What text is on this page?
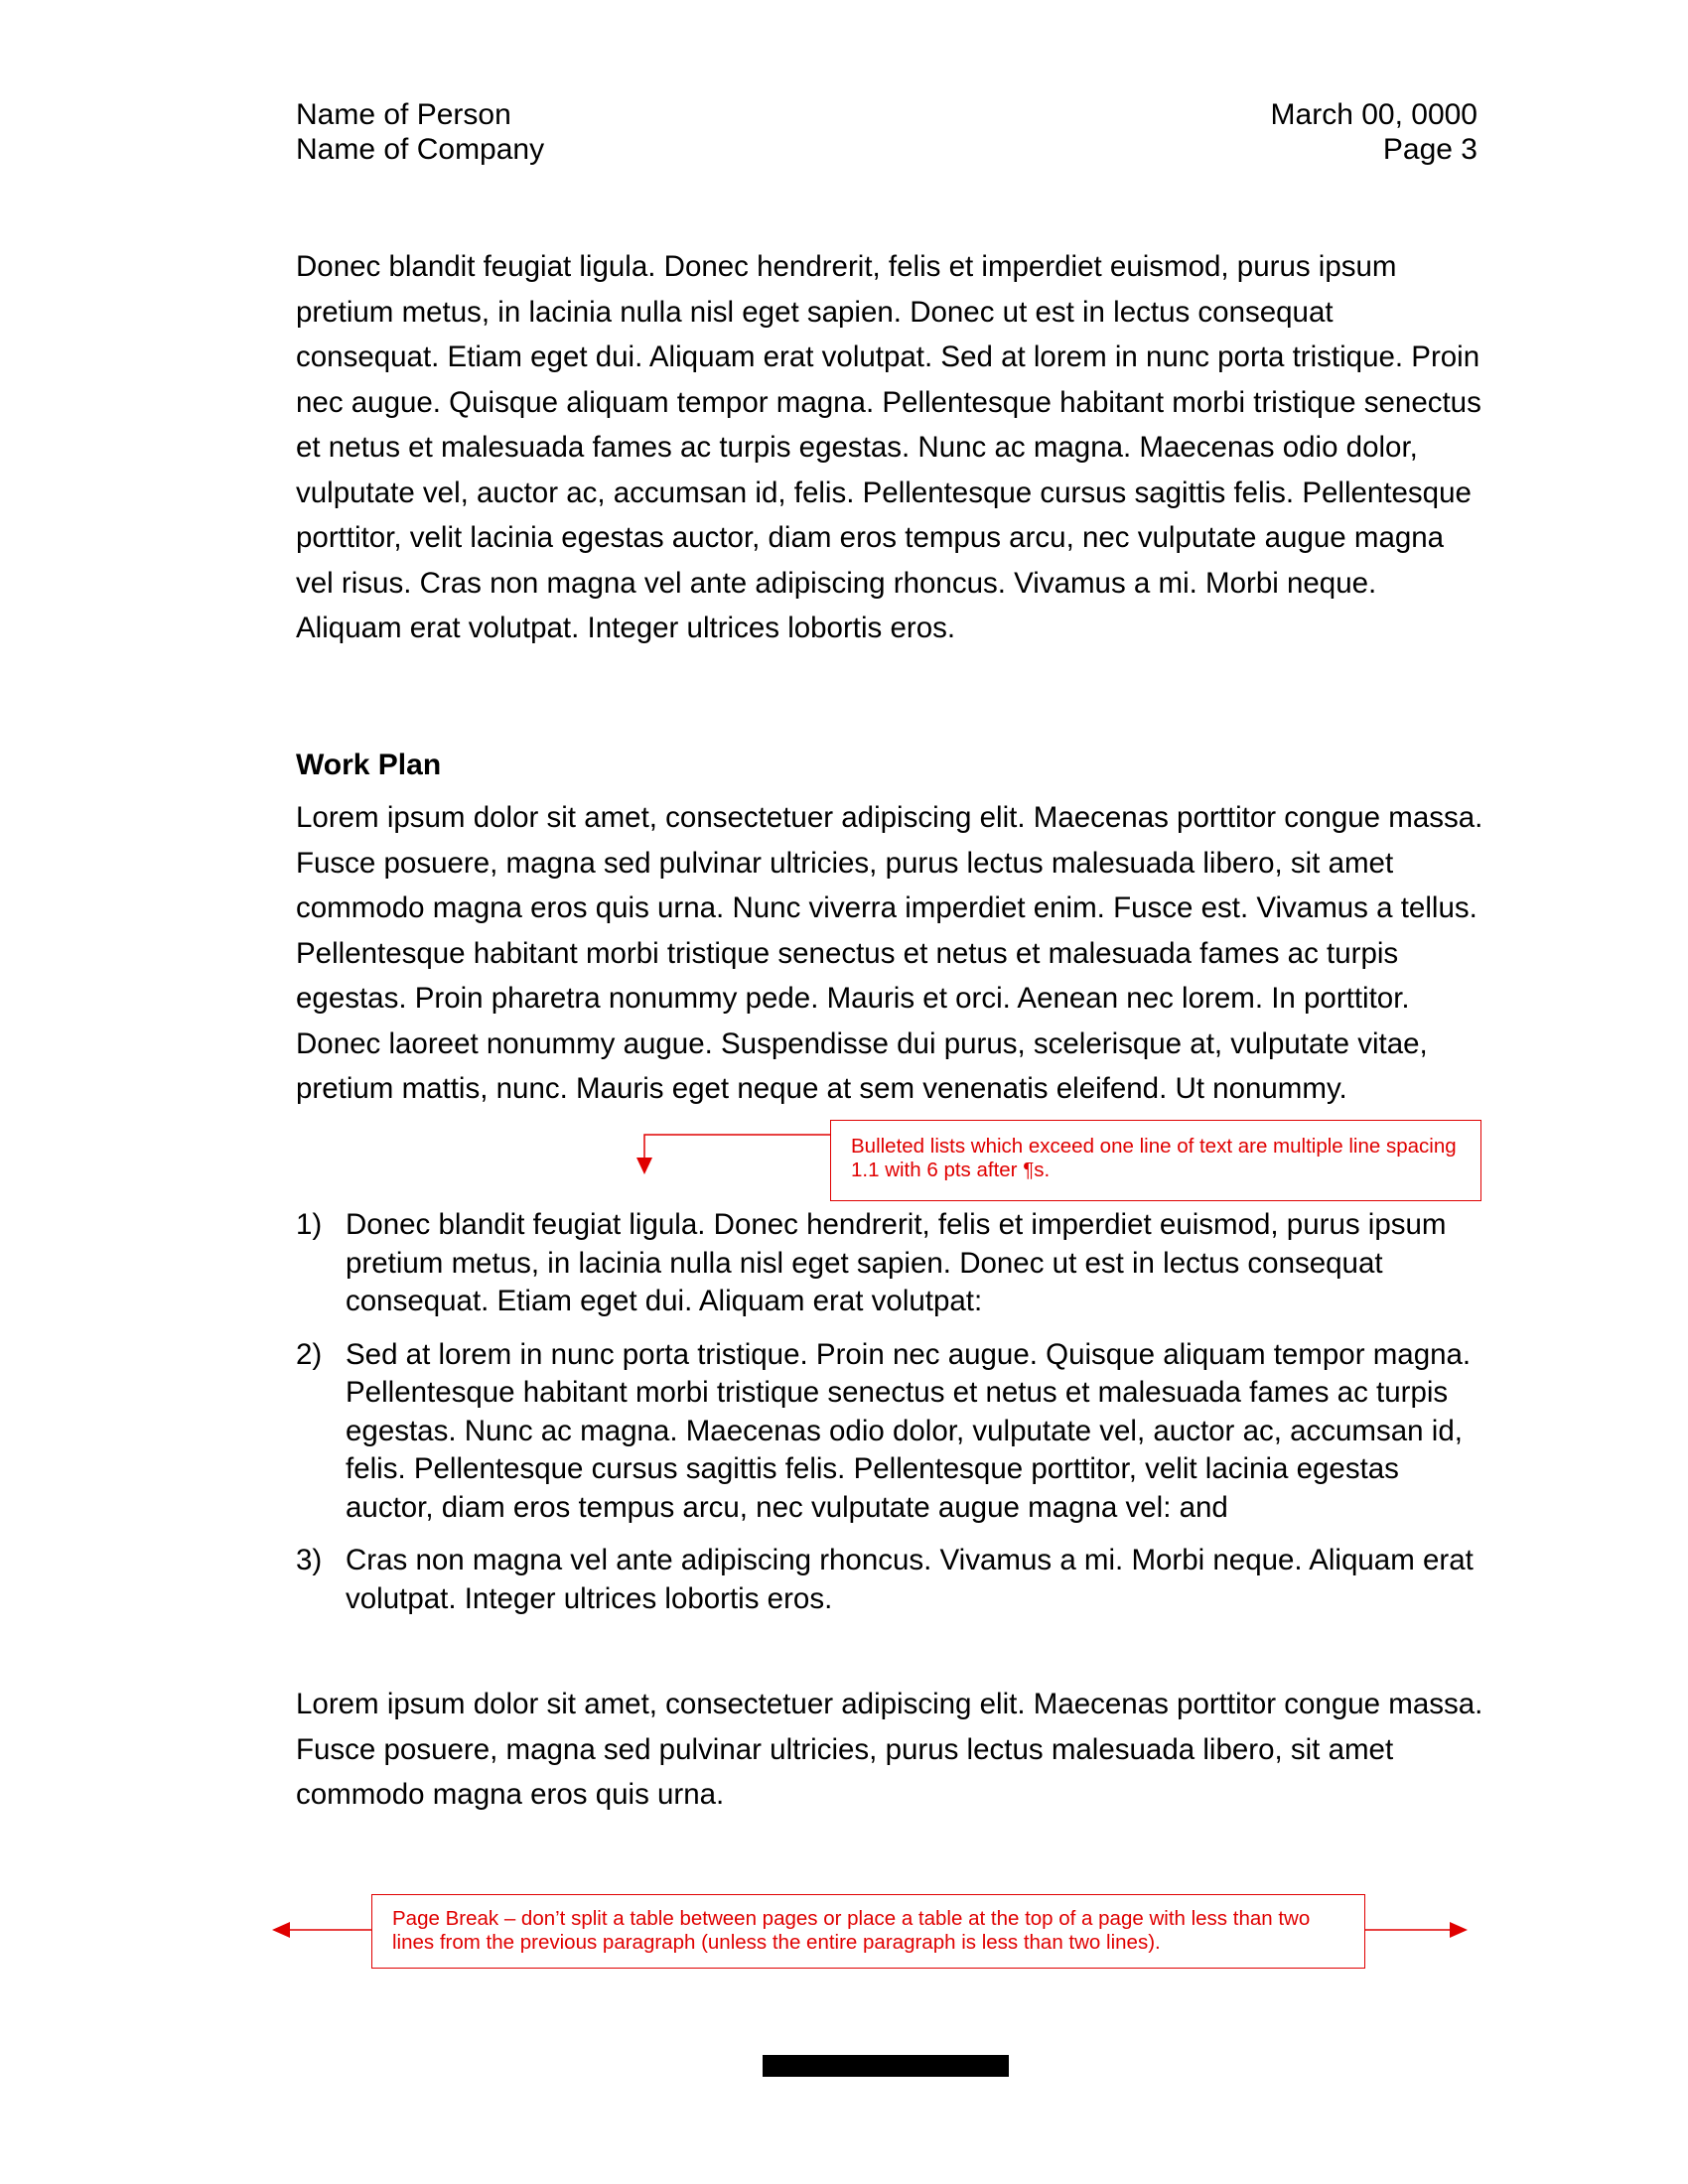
Name of Person
Name of Company
March 00, 0000
Page 3
Donec blandit feugiat ligula. Donec hendrerit, felis et imperdiet euismod, purus ipsum pretium metus, in lacinia nulla nisl eget sapien. Donec ut est in lectus consequat consequat. Etiam eget dui. Aliquam erat volutpat. Sed at lorem in nunc porta tristique. Proin nec augue. Quisque aliquam tempor magna. Pellentesque habitant morbi tristique senectus et netus et malesuada fames ac turpis egestas. Nunc ac magna. Maecenas odio dolor, vulputate vel, auctor ac, accumsan id, felis. Pellentesque cursus sagittis felis. Pellentesque porttitor, velit lacinia egestas auctor, diam eros tempus arcu, nec vulputate augue magna vel risus. Cras non magna vel ante adipiscing rhoncus. Vivamus a mi. Morbi neque. Aliquam erat volutpat. Integer ultrices lobortis eros.
Work Plan
Lorem ipsum dolor sit amet, consectetuer adipiscing elit. Maecenas porttitor congue massa. Fusce posuere, magna sed pulvinar ultricies, purus lectus malesuada libero, sit amet commodo magna eros quis urna. Nunc viverra imperdiet enim. Fusce est. Vivamus a tellus. Pellentesque habitant morbi tristique senectus et netus et malesuada fames ac turpis egestas. Proin pharetra nonummy pede. Mauris et orci. Aenean nec lorem. In porttitor. Donec laoreet nonummy augue. Suspendisse dui purus, scelerisque at, vulputate vitae, pretium mattis, nunc. Mauris eget neque at sem venenatis eleifend. Ut nonummy.
1) Donec blandit feugiat ligula. Donec hendrerit, felis et imperdiet euismod, purus ipsum pretium metus, in lacinia nulla nisl eget sapien. Donec ut est in lectus consequat consequat. Etiam eget dui. Aliquam erat volutpat:
2) Sed at lorem in nunc porta tristique. Proin nec augue. Quisque aliquam tempor magna. Pellentesque habitant morbi tristique senectus et netus et malesuada fames ac turpis egestas. Nunc ac magna. Maecenas odio dolor, vulputate vel, auctor ac, accumsan id, felis. Pellentesque cursus sagittis felis. Pellentesque porttitor, velit lacinia egestas auctor, diam eros tempus arcu, nec vulputate augue magna vel: and
3) Cras non magna vel ante adipiscing rhoncus. Vivamus a mi. Morbi neque. Aliquam erat volutpat. Integer ultrices lobortis eros.
Lorem ipsum dolor sit amet, consectetuer adipiscing elit. Maecenas porttitor congue massa. Fusce posuere, magna sed pulvinar ultricies, purus lectus malesuada libero, sit amet commodo magna eros quis urna.
Bulleted lists which exceed one line of text are multiple line spacing 1.1 with 6 pts after ¶s.
Page Break – don’t split a table between pages or place a table at the top of a page with less than two lines from the previous paragraph (unless the entire paragraph is less than two lines).
